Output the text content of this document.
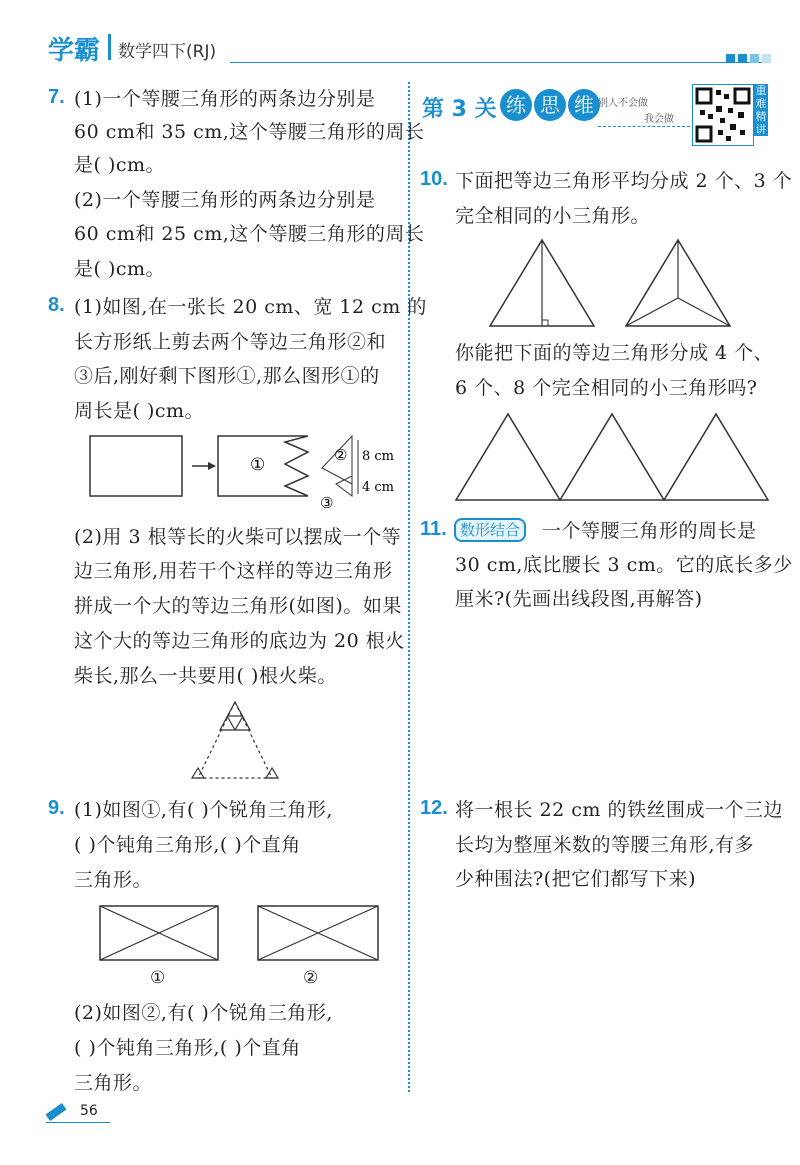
学霸 数学四下(RJ)
7. (1)一个等腰三角形的两条边分别是
60 cm和 35 cm,这个等腰三角形的周长
是( )cm。
(2)一个等腰三角形的两条边分别是
60 cm和 25 cm,这个等腰三角形的周长
是( )cm。
8. (1)如图,在一张长 20 cm、宽 12 cm 的
长方形纸上剪去两个等边三角形②和
③后,刚好剩下图形①,那么图形①的
周长是( )cm。
①	②
③
8 cm
4 cm
(2)用 3 根等长的火柴可以摆成一个等
边三角形,用若干个这样的等边三角形
拼成一个大的等边三角形(如图)。如果
这个大的等边三角形的底边为 20 根火
柴长,那么一共要用( )根火柴。
9. (1)如图①,有( )个锐角三角形,
( )个钝角三角形,( )个直角
三角形。
①	②
(2)如图②,有( )个锐角三角形,
( )个钝角三角形,( )个直角
三角形。
56
第 3 关 练 思 维 别人不会做
我会做
重
难
精
讲
10. 下面把等边三角形平均分成 2 个、3 个
完全相同的小三角形。
你能把下面的等边三角形分成 4 个、
6 个、8 个完全相同的小三角形吗?
11. 数形结合	一个等腰三角形的周长是
30 cm,底比腰长 3 cm。它的底长多少
厘米?(先画出线段图,再解答)
12. 将一根长 22 cm 的铁丝围成一个三边
长均为整厘米数的等腰三角形,有多
少种围法?(把它们都写下来)
